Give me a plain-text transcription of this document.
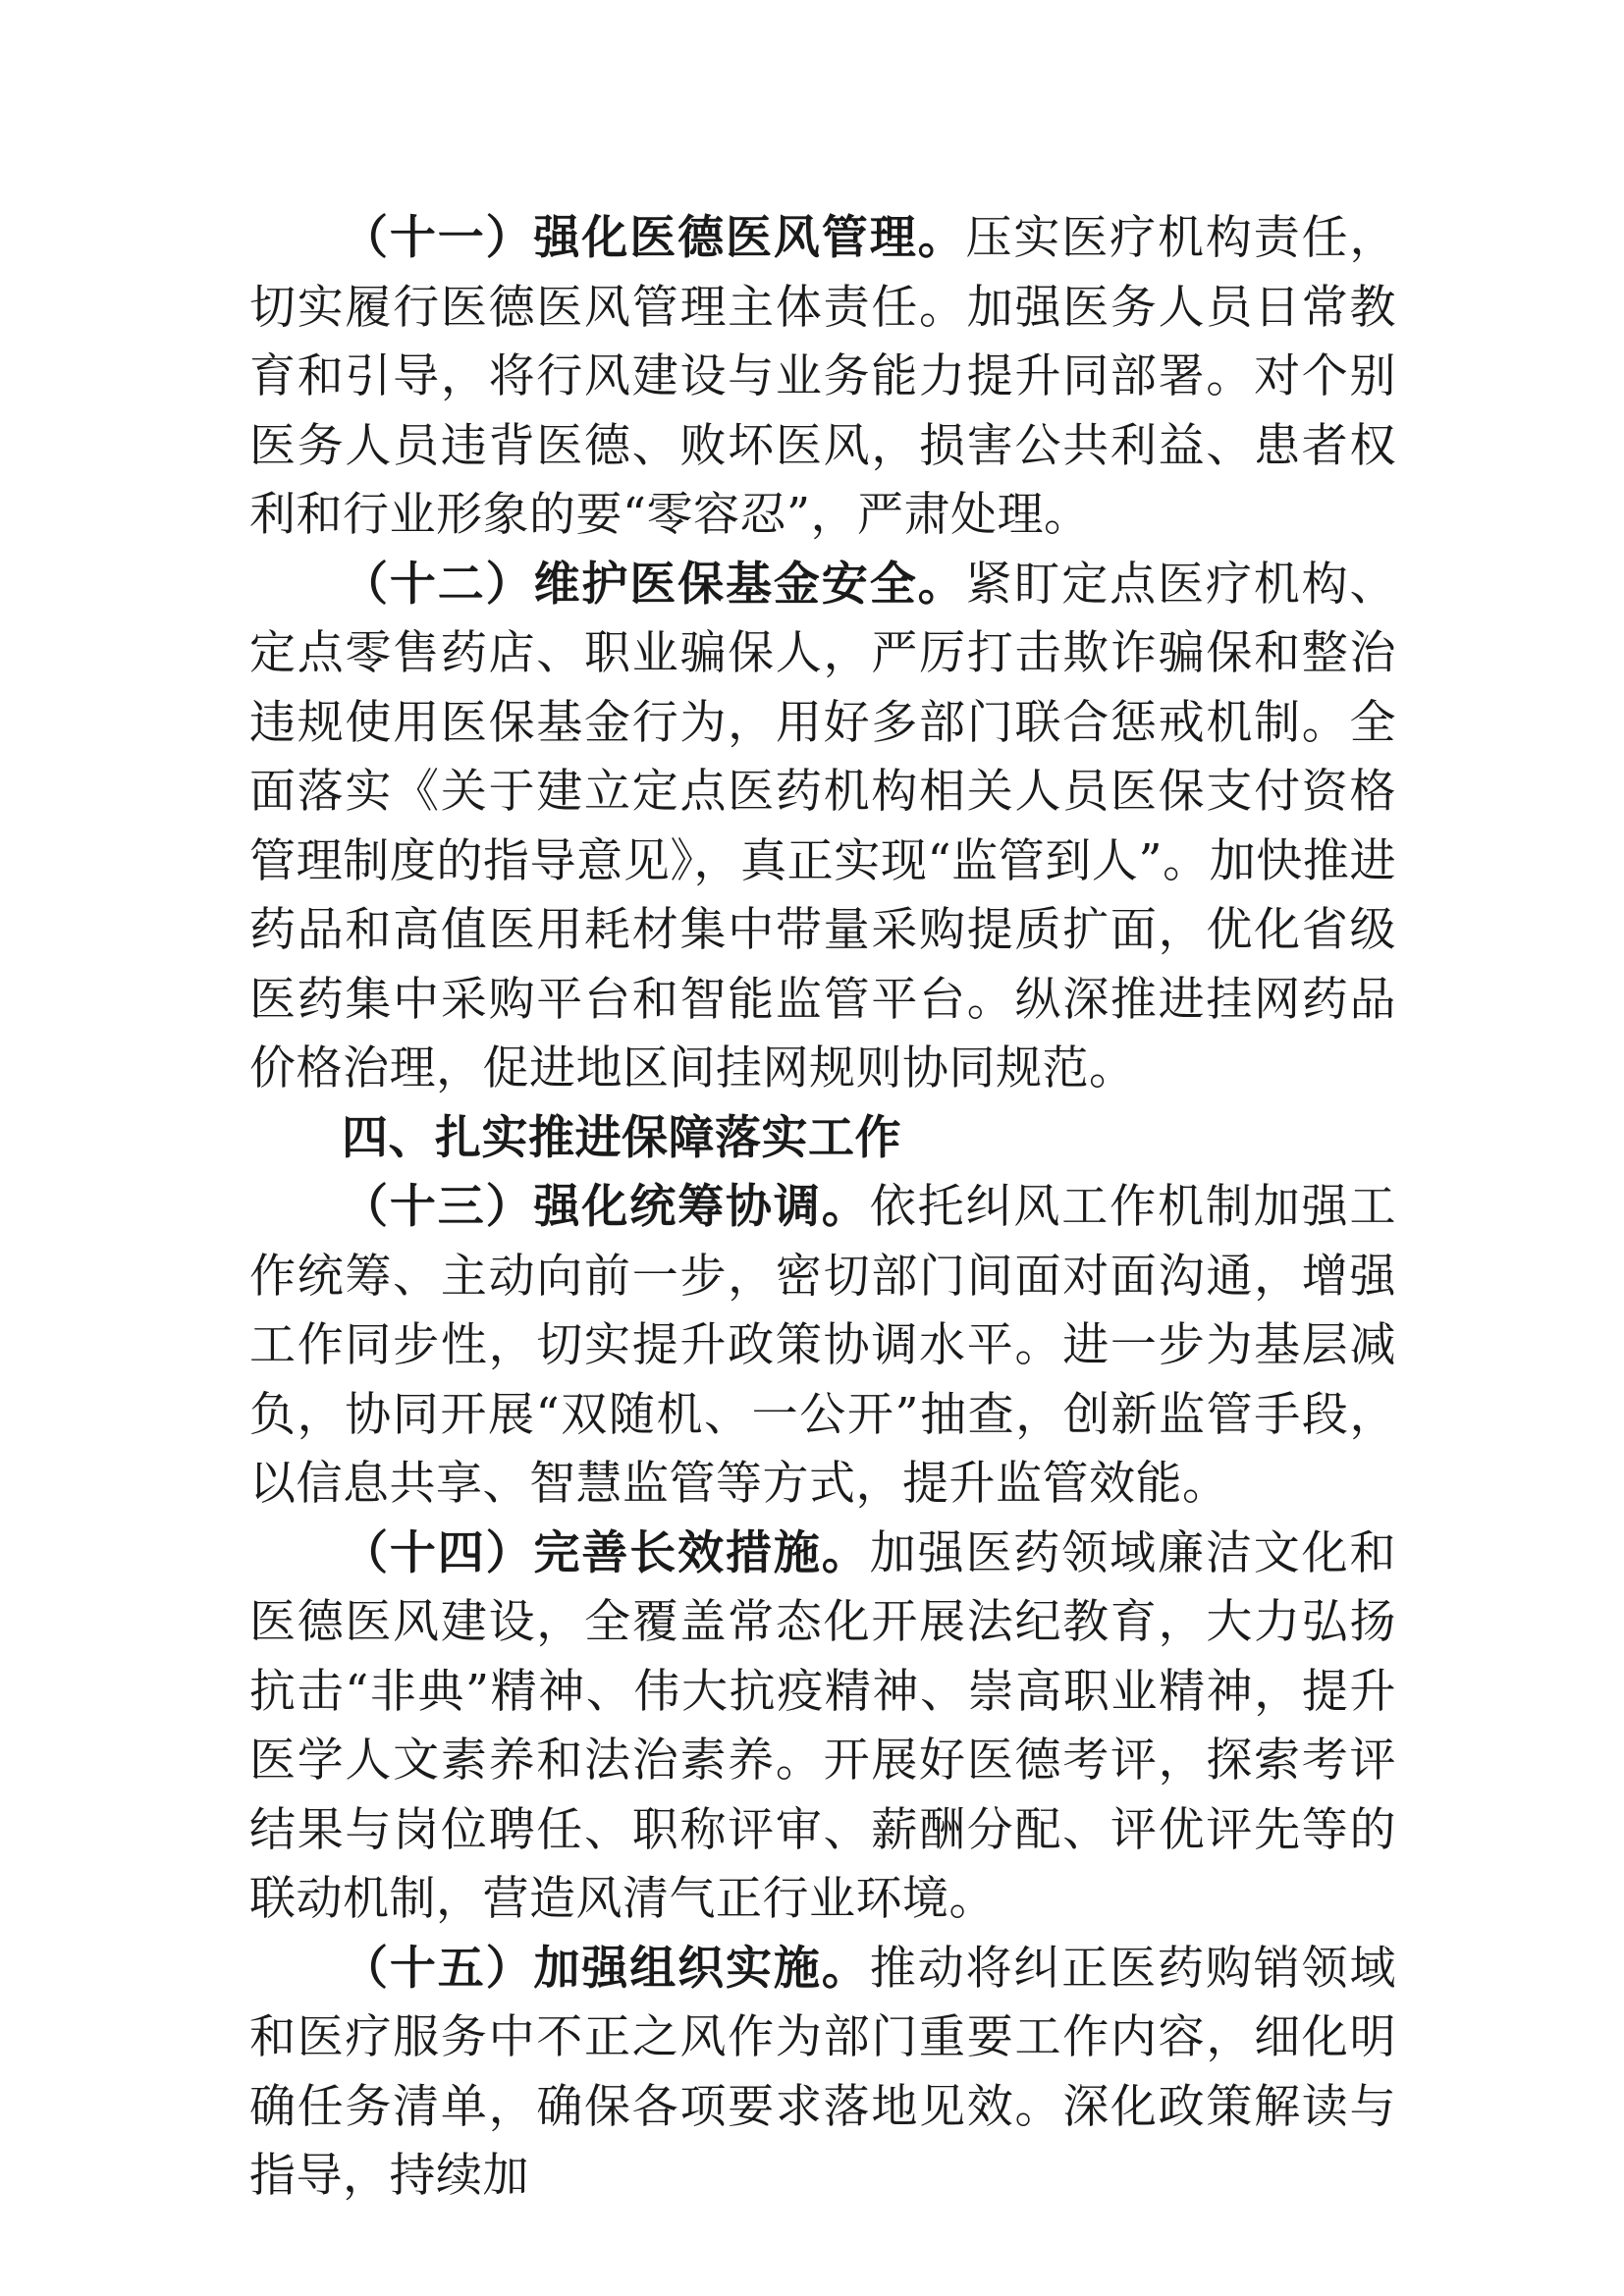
（十一）强化医德医风管理。压实医疗机构责任，切实履行医德医风管理主体责任。加强医务人员日常教育和引导，将行风建设与业务能力提升同部署。对个别医务人员违背医德、败坏医风，损害公共利益、患者权利和行业形象的要“零容忍”，严肃处理。

（十二）维护医保基金安全。紧盯定点医疗机构、定点零售药店、职业骗保人，严厉打击欺诈骗保和整治违规使用医保基金行为，用好多部门联合惩戒机制。全面落实《关于建立定点医药机构相关人员医保支付资格管理制度的指导意见》，真正实现“监管到人”。加快推进药品和高值医用耗材集中带量采购提质扩面，优化省级医药集中采购平台和智能监管平台。纵深推进挂网药品价格治理，促进地区间挂网规则协同规范。

四、扎实推进保障落实工作

（十三）强化统筹协调。依托纠风工作机制加强工作统筹、主动向前一步，密切部门间面对面沟通，增强工作同步性，切实提升政策协调水平。进一步为基层减负，协同开展“双随机、一公开”抽查，创新监管手段，以信息共享、智慧监管等方式，提升监管效能。

（十四）完善长效措施。加强医药领域廉洁文化和医德医风建设，全覆盖常态化开展法纪教育，大力弘扬抗击“非典”精神、伟大抗疫精神、崇高职业精神，提升医学人文素养和法治素养。开展好医德考评，探索考评结果与岗位聘任、职称评审、薪酬分配、评优评先等的联动机制，营造风清气正行业环境。

（十五）加强组织实施。推动将纠正医药购销领域和医疗服务中不正之风作为部门重要工作内容，细化明确任务清单，确保各项要求落地见效。深化政策解读与指导，持续加
